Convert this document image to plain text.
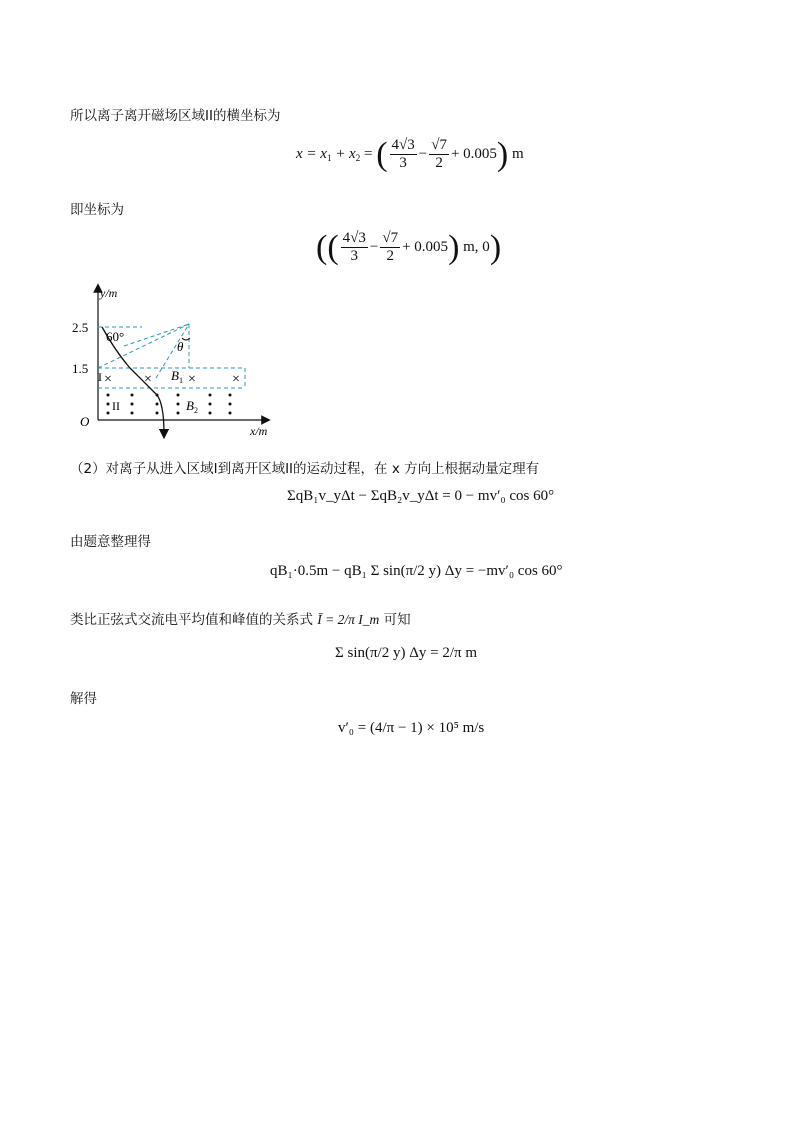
所以离子离开磁场区域II的横坐标为
$x = x_1 + x_2$ = ( $\frac{4√3}{3} - \frac{√7}{2} + 0.005$) m
即坐标为
(( $\frac{4√3}{3} - \frac{√7}{2} + 0.005$) m, 0)
y/m
x/m
O
2.5
1.5
60°
θ
I
II
$B_1$
$B_2$
× ×	×	×
（2）对离子从进入区域I到离开区域II的运动过程，在 x 方向上根据动量定理有
ΣqB₁v_yΔt − ΣqB₂v_yΔt = 0 − mv′₀ cos 60°
由题意整理得
qB₁·0.5m − qB₁ Σ sin(π/2 y) Δy = −mv′₀ cos 60°
类比正弦式交流电平均值和峰值的关系式 Ī = 2/π I_m 可知
Σ sin(π/2 y) Δy = 2/π m
解得
v′₀ = (4/π − 1) × 10⁵ m/s
